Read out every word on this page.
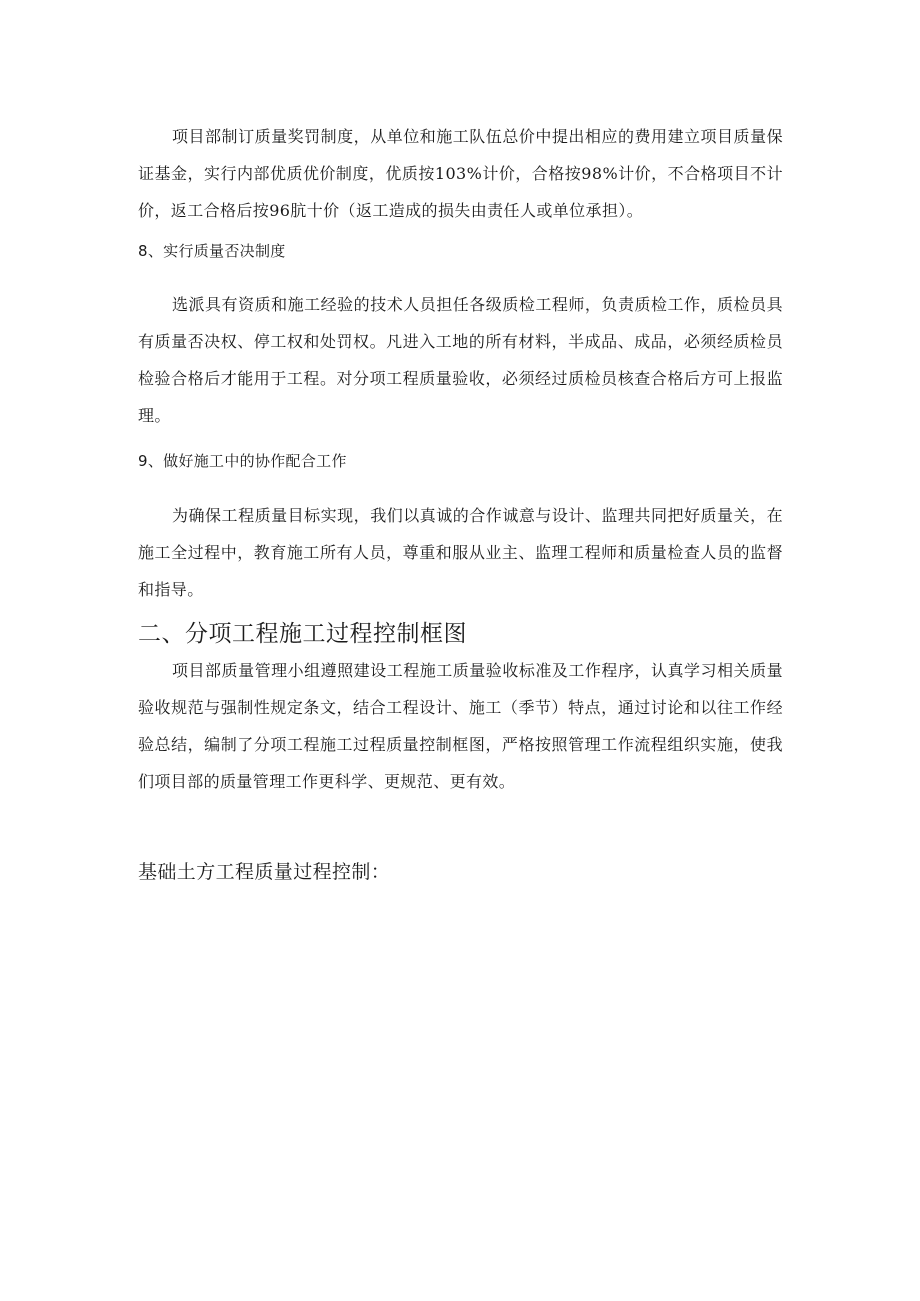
项目部制订质量奖罚制度，从单位和施工队伍总价中提出相应的费用建立项目质量保证基金，实行内部优质优价制度，优质按103%计价，合格按98%计价，不合格项目不计价，返工合格后按96肮十价（返工造成的损失由责任人或单位承担）。

8、实行质量否决制度

选派具有资质和施工经验的技术人员担任各级质检工程师，负责质检工作，质检员具有质量否决权、停工权和处罚权。凡进入工地的所有材料，半成品、成品，必须经质检员检验合格后才能用于工程。对分项工程质量验收，必须经过质检员核查合格后方可上报监理。

9、做好施工中的协作配合工作

为确保工程质量目标实现，我们以真诚的合作诚意与设计、监理共同把好质量关，在施工全过程中，教育施工所有人员，尊重和服从业主、监理工程师和质量检查人员的监督和指导。

二、分项工程施工过程控制框图

项目部质量管理小组遵照建设工程施工质量验收标准及工作程序，认真学习相关质量验收规范与强制性规定条文，结合工程设计、施工（季节）特点，通过讨论和以往工作经验总结，编制了分项工程施工过程质量控制框图，严格按照管理工作流程组织实施，使我们项目部的质量管理工作更科学、更规范、更有效。

基础土方工程质量过程控制：
